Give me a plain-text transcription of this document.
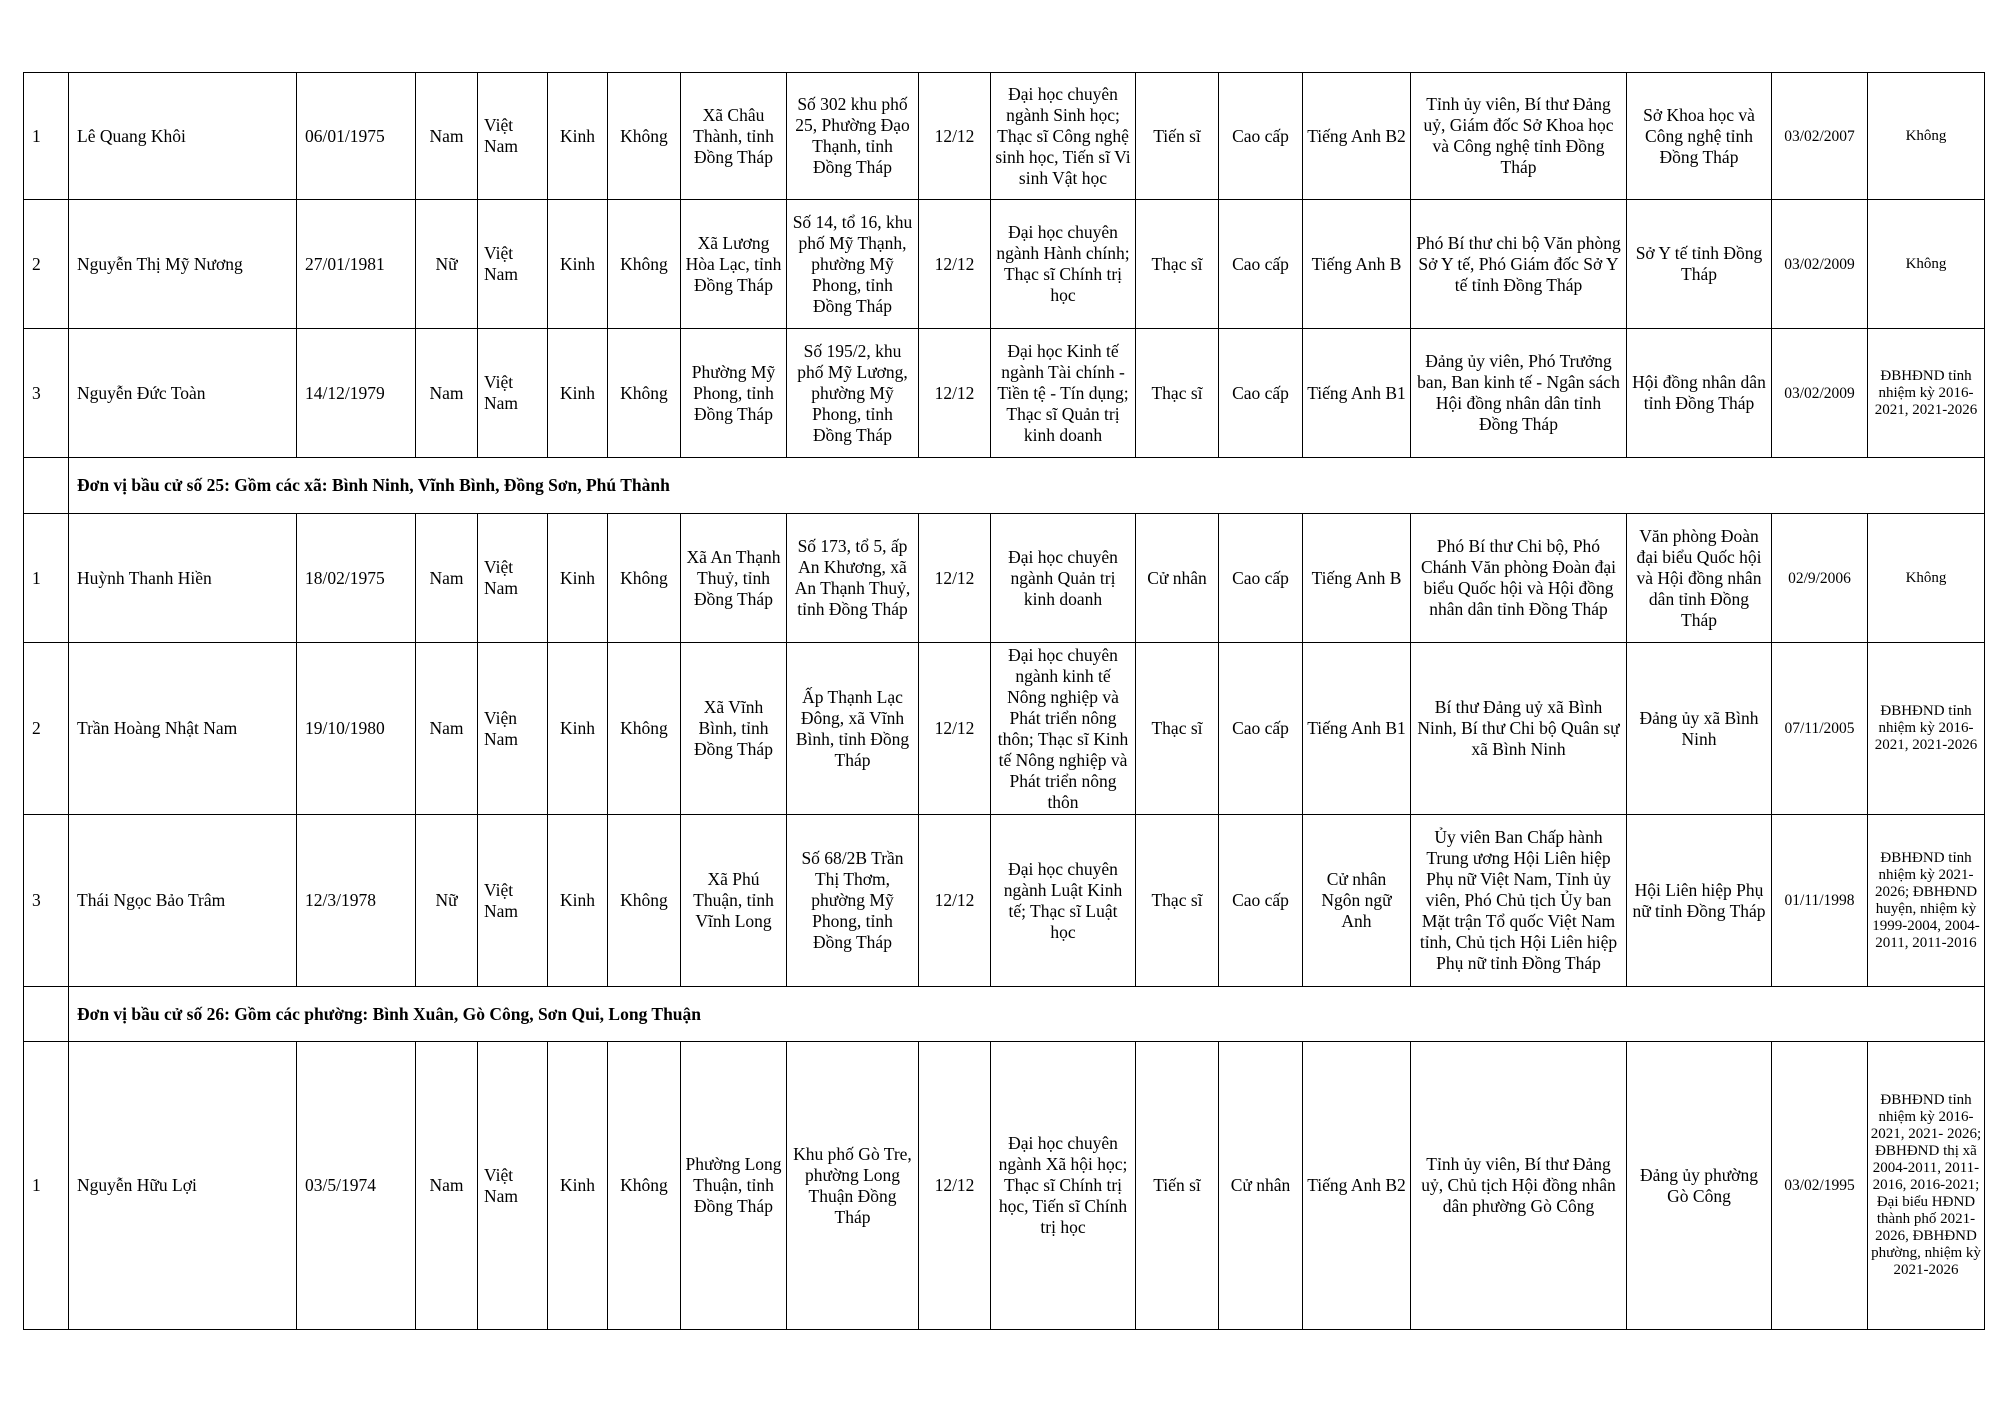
1	Lê Quang Khôi	06/01/1975	Nam	Việt Nam	Kinh	Không	Xã Châu Thành, tỉnh Đồng Tháp	Số 302 khu phố 25, Phường Đạo Thạnh, tỉnh Đồng Tháp	12/12	Đại học chuyên ngành Sinh học; Thạc sĩ Công nghệ sinh học, Tiến sĩ Vi sinh Vật học	Tiến sĩ	Cao cấp	Tiếng Anh B2	Tỉnh ủy viên, Bí thư Đảng uỷ, Giám đốc Sở Khoa học và Công nghệ tỉnh Đồng Tháp	Sở Khoa học và Công nghệ tỉnh Đồng Tháp	03/02/2007	Không
2	Nguyễn Thị Mỹ Nương	27/01/1981	Nữ	Việt Nam	Kinh	Không	Xã Lương Hòa Lạc, tỉnh Đồng Tháp	Số 14, tổ 16, khu phố Mỹ Thạnh, phường Mỹ Phong, tỉnh Đồng Tháp	12/12	Đại học chuyên ngành Hành chính; Thạc sĩ Chính trị học	Thạc sĩ	Cao cấp	Tiếng Anh B	Phó Bí thư chi bộ Văn phòng Sở Y tế, Phó Giám đốc Sở Y tế tỉnh Đồng Tháp	Sở Y tế tỉnh Đồng Tháp	03/02/2009	Không
3	Nguyễn Đức Toàn	14/12/1979	Nam	Việt Nam	Kinh	Không	Phường Mỹ Phong, tỉnh Đồng Tháp	Số 195/2, khu phố Mỹ Lương, phường Mỹ Phong, tỉnh Đồng Tháp	12/12	Đại học Kinh tế ngành Tài chính - Tiền tệ - Tín dụng; Thạc sĩ Quản trị kinh doanh	Thạc sĩ	Cao cấp	Tiếng Anh B1	Đảng ủy viên, Phó Trưởng ban, Ban kinh tế - Ngân sách Hội đồng nhân dân tỉnh Đồng Tháp	Hội đồng nhân dân tỉnh Đồng Tháp	03/02/2009	ĐBHĐND tỉnh nhiệm kỳ 2016-2021, 2021-2026
	Đơn vị bầu cử số 25: Gồm các xã: Bình Ninh, Vĩnh Bình, Đồng Sơn, Phú Thành																
1	Huỳnh Thanh Hiền	18/02/1975	Nam	Việt Nam	Kinh	Không	Xã An Thạnh Thuỷ, tỉnh Đồng Tháp	Số 173, tổ 5, ấp An Khương, xã An Thạnh Thuỷ, tỉnh Đồng Tháp	12/12	Đại học chuyên ngành Quản trị kinh doanh	Cử nhân	Cao cấp	Tiếng Anh B	Phó Bí thư Chi bộ, Phó Chánh Văn phòng Đoàn đại biểu Quốc hội và Hội đồng nhân dân tỉnh Đồng Tháp	Văn phòng Đoàn đại biểu Quốc hội và Hội đồng nhân dân tỉnh Đồng Tháp	02/9/2006	Không
2	Trần Hoàng Nhật Nam	19/10/1980	Nam	Viện Nam	Kinh	Không	Xã Vĩnh Bình, tỉnh Đồng Tháp	Ấp Thạnh Lạc Đông, xã Vĩnh Bình, tỉnh Đồng Tháp	12/12	Đại học chuyên ngành kinh tế Nông nghiệp và Phát triển nông thôn; Thạc sĩ Kinh tế Nông nghiệp và Phát triển nông thôn	Thạc sĩ	Cao cấp	Tiếng Anh B1	Bí thư Đảng uỷ xã Bình Ninh, Bí thư Chi bộ Quân sự xã Bình Ninh	Đảng ủy xã Bình Ninh	07/11/2005	ĐBHĐND tỉnh nhiệm kỳ 2016-2021, 2021-2026
3	Thái Ngọc Bảo Trâm	12/3/1978	Nữ	Việt Nam	Kinh	Không	Xã Phú Thuận, tỉnh Vĩnh Long	Số 68/2B Trần Thị Thơm, phường Mỹ Phong, tỉnh Đồng Tháp	12/12	Đại học chuyên ngành Luật Kinh tế; Thạc sĩ Luật học	Thạc sĩ	Cao cấp	Cử nhân Ngôn ngữ Anh	Ủy viên Ban Chấp hành Trung ương Hội Liên hiệp Phụ nữ Việt Nam, Tỉnh ủy viên, Phó Chủ tịch Ủy ban Mặt trận Tổ quốc Việt Nam tỉnh, Chủ tịch Hội Liên hiệp Phụ nữ tỉnh Đồng Tháp	Hội Liên hiệp Phụ nữ tỉnh Đồng Tháp	01/11/1998	ĐBHĐND tỉnh nhiệm kỳ 2021-2026; ĐBHĐND huyện, nhiệm kỳ 1999-2004, 2004-2011, 2011-2016
	Đơn vị bầu cử số 26: Gồm các phường: Bình Xuân, Gò Công, Sơn Qui, Long Thuận																
1	Nguyễn Hữu Lợi	03/5/1974	Nam	Việt Nam	Kinh	Không	Phường Long Thuận, tỉnh Đồng Tháp	Khu phố Gò Tre, phường Long Thuận Đồng Tháp	12/12	Đại học chuyên ngành Xã hội học; Thạc sĩ Chính trị học, Tiến sĩ Chính trị học	Tiến sĩ	Cử nhân	Tiếng Anh B2	Tỉnh ủy viên, Bí thư Đảng uỷ, Chủ tịch Hội đồng nhân dân phường Gò Công	Đảng ủy phường Gò Công	03/02/1995	ĐBHĐND tỉnh nhiệm kỳ 2016- 2021, 2021- 2026; ĐBHĐND thị xã 2004-2011, 2011-2016, 2016-2021; Đại biểu HĐND thành phố 2021-2026, ĐBHĐND phường, nhiệm kỳ 2021-2026
